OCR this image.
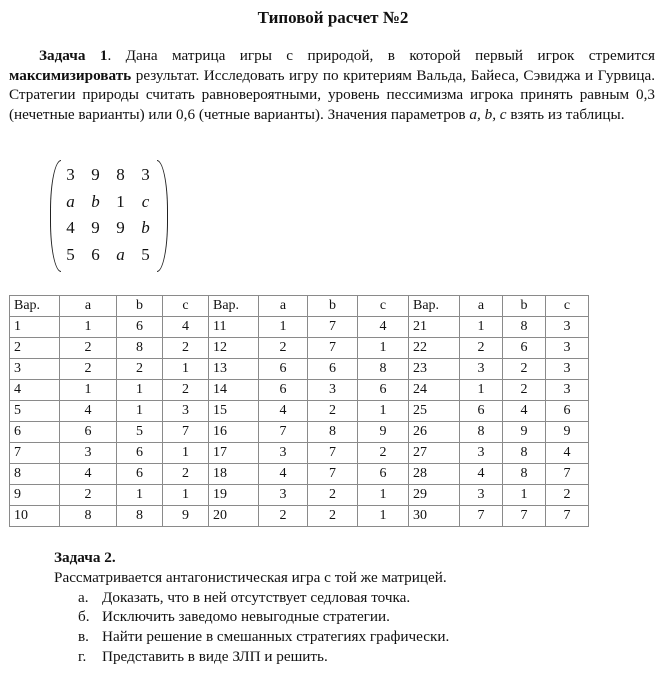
Типовой расчет №2
Задача 1. Дана матрица игры с природой, в которой первый игрок стремится максимизировать результат. Исследовать игру по критериям Вальда, Байеса, Сэвиджа и Гурвица. Стратегии природы считать равновероятными, уровень пессимизма игрока принять равным 0,3 (нечетные варианты) или 0,6 (четные варианты). Значения параметров a, b, c взять из таблицы.
3	9	8	3
a	b	1	c
4	9	9	b
5	6	a	5
Вар.	a	b	c	Вар.	a	b	c	Вар.	a	b	c
1	1	6	4	11	1	7	4	21	1	8	3
2	2	8	2	12	2	7	1	22	2	6	3
3	2	2	1	13	6	6	8	23	3	2	3
4	1	1	2	14	6	3	6	24	1	2	3
5	4	1	3	15	4	2	1	25	6	4	6
6	6	5	7	16	7	8	9	26	8	9	9
7	3	6	1	17	3	7	2	27	3	8	4
8	4	6	2	18	4	7	6	28	4	8	7
9	2	1	1	19	3	2	1	29	3	1	2
10	8	8	9	20	2	2	1	30	7	7	7
Задача 2.
Рассматривается антагонистическая игра с той же матрицей.
а. Доказать, что в ней отсутствует седловая точка.
б. Исключить заведомо невыгодные стратегии.
в. Найти решение в смешанных стратегиях графически.
г. Представить в виде ЗЛП и решить.
